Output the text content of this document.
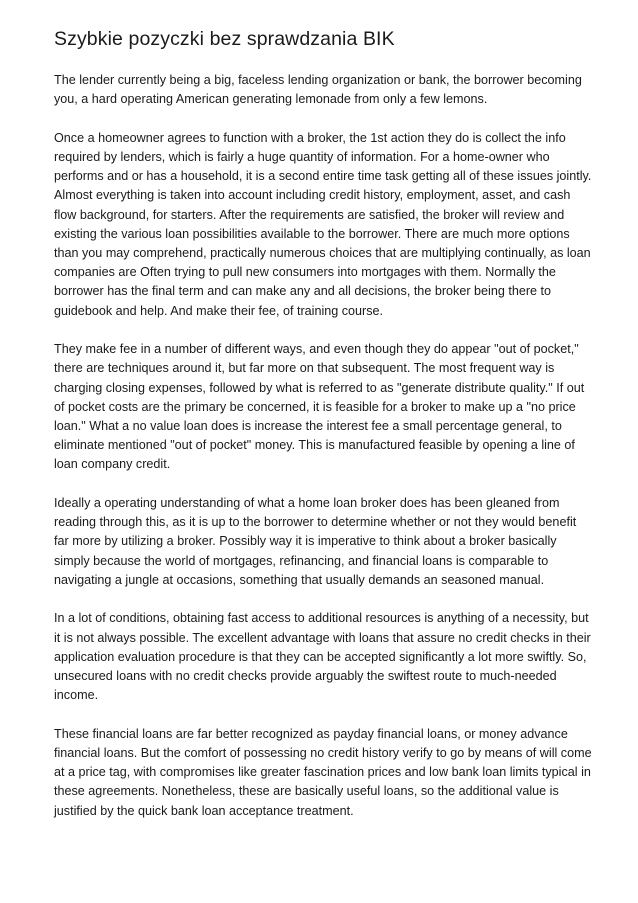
Szybkie pozyczki bez sprawdzania BIK

The lender currently being a big, faceless lending organization or bank, the borrower becoming you, a hard operating American generating lemonade from only a few lemons.

Once a homeowner agrees to function with a broker, the 1st action they do is collect the info required by lenders, which is fairly a huge quantity of information. For a home-owner who performs and or has a household, it is a second entire time task getting all of these issues jointly. Almost everything is taken into account including credit history, employment, asset, and cash flow background, for starters. After the requirements are satisfied, the broker will review and existing the various loan possibilities available to the borrower. There are much more options than you may comprehend, practically numerous choices that are multiplying continually, as loan companies are Often trying to pull new consumers into mortgages with them. Normally the borrower has the final term and can make any and all decisions, the broker being there to guidebook and help. And make their fee, of training course.

They make fee in a number of different ways, and even though they do appear "out of pocket," there are techniques around it, but far more on that subsequent. The most frequent way is charging closing expenses, followed by what is referred to as "generate distribute quality." If out of pocket costs are the primary be concerned, it is feasible for a broker to make up a "no price loan." What a no value loan does is increase the interest fee a small percentage general, to eliminate mentioned "out of pocket" money. This is manufactured feasible by opening a line of loan company credit.

Ideally a operating understanding of what a home loan broker does has been gleaned from reading through this, as it is up to the borrower to determine whether or not they would benefit far more by utilizing a broker. Possibly way it is imperative to think about a broker basically simply because the world of mortgages, refinancing, and financial loans is comparable to navigating a jungle at occasions, something that usually demands an seasoned manual.

In a lot of conditions, obtaining fast access to additional resources is anything of a necessity, but it is not always possible. The excellent advantage with loans that assure no credit checks in their application evaluation procedure is that they can be accepted significantly a lot more swiftly. So, unsecured loans with no credit checks provide arguably the swiftest route to much-needed income.

These financial loans are far better recognized as payday financial loans, or money advance financial loans. But the comfort of possessing no credit history verify to go by means of will come at a price tag, with compromises like greater fascination prices and low bank loan limits typical in these agreements. Nonetheless, these are basically useful loans, so the additional value is justified by the quick bank loan acceptance treatment.
